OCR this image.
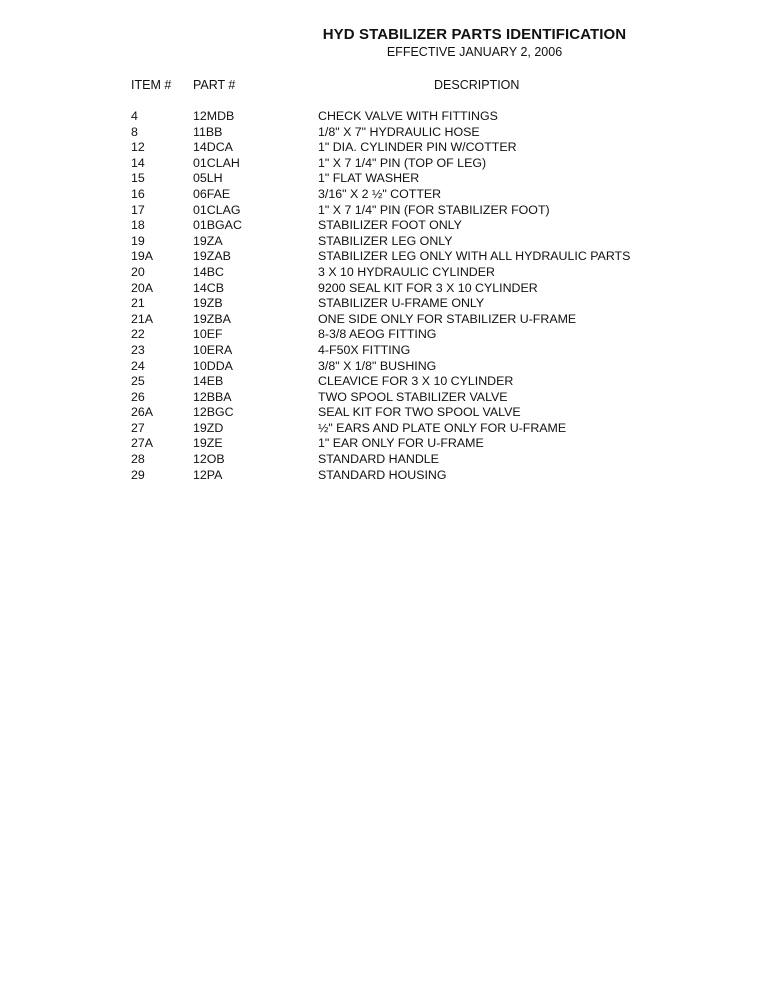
HYD STABILIZER PARTS IDENTIFICATION
EFFECTIVE JANUARY 2, 2006
ITEM # PART #	DESCRIPTION
4	12MDB	CHECK VALVE WITH FITTINGS
8	11BB	1/8" X 7" HYDRAULIC HOSE
12	14DCA	1" DIA. CYLINDER PIN W/COTTER
14	01CLAH	1" X 7 1/4" PIN (TOP OF LEG)
15	05LH	1" FLAT WASHER
16	06FAE	3/16" X 2 ½" COTTER
17	01CLAG	1" X 7 1/4" PIN (FOR STABILIZER FOOT)
18	01BGAC	STABILIZER FOOT ONLY
19	19ZA	STABILIZER LEG ONLY
19A	19ZAB	STABILIZER LEG ONLY WITH ALL HYDRAULIC PARTS
20	14BC	3 X 10 HYDRAULIC CYLINDER
20A	14CB	9200 SEAL KIT FOR 3 X 10 CYLINDER
21	19ZB	STABILIZER U-FRAME ONLY
21A	19ZBA	ONE SIDE ONLY FOR STABILIZER U-FRAME
22	10EF	8-3/8 AEOG FITTING
23	10ERA	4-F50X FITTING
24	10DDA	3/8" X 1/8" BUSHING
25	14EB	CLEAVICE FOR 3 X 10 CYLINDER
26	12BBA	TWO SPOOL STABILIZER VALVE
26A	12BGC	SEAL KIT FOR TWO SPOOL VALVE
27	19ZD	½" EARS AND PLATE ONLY FOR U-FRAME
27A	19ZE	1" EAR ONLY FOR U-FRAME
28	12OB	STANDARD HANDLE
29	12PA	STANDARD HOUSING
